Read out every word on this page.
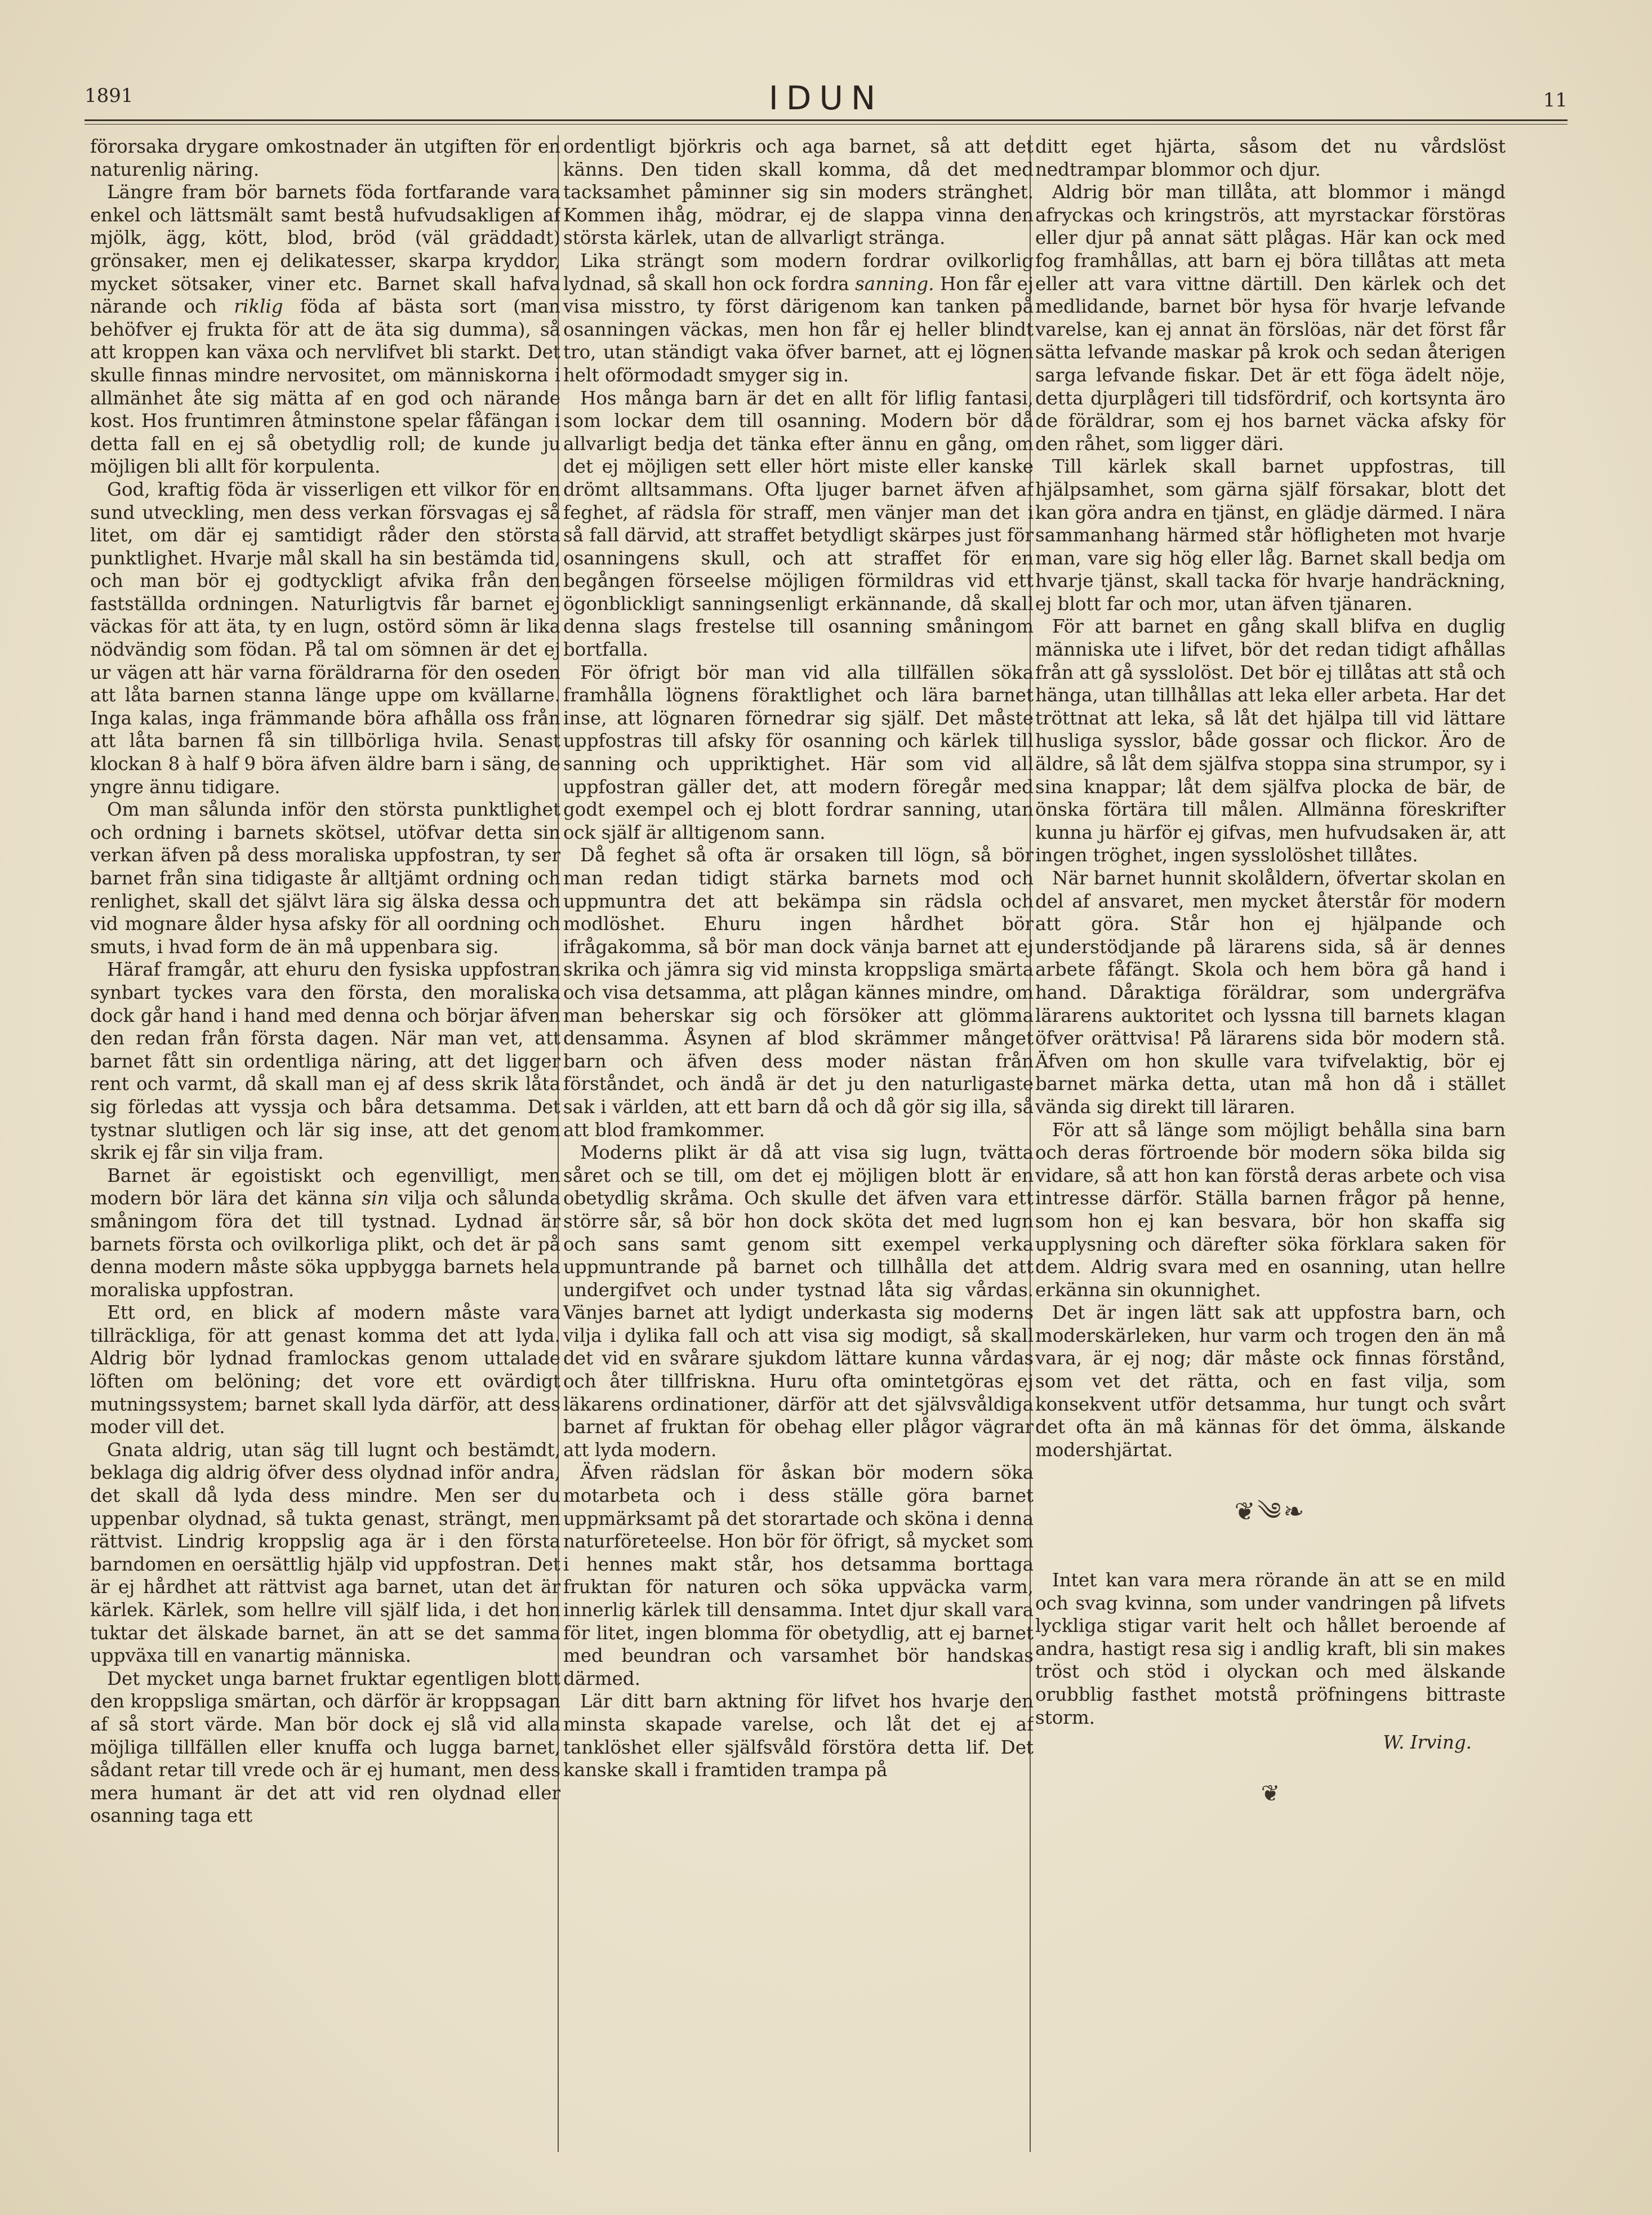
1891	IDUN	11

förorsaka drygare omkostnader än utgiften för en naturenlig näring.

Längre fram bör barnets föda fortfarande vara enkel och lättsmält samt bestå hufvudsakligen af mjölk, ägg, kött, blod, bröd (väl gräddadt) grönsaker, men ej delikatesser, skarpa kryddor, mycket sötsaker, viner etc. Barnet skall hafva närande och riklig föda af bästa sort (man behöfver ej frukta för att de äta sig dumma), så att kroppen kan växa och nervlifvet bli starkt. Det skulle finnas mindre nervositet, om människorna i allmänhet åte sig mätta af en god och närande kost. Hos fruntimren åtminstone spelar fåfängan i detta fall en ej så obetydlig roll; de kunde ju möjligen bli allt för korpulenta.

God, kraftig föda är visserligen ett vilkor för en sund utveckling, men dess verkan försvagas ej så litet, om där ej samtidigt råder den största punktlighet. Hvarje mål skall ha sin bestämda tid, och man bör ej godtyckligt afvika från den fastställda ordningen. Naturligtvis får barnet ej väckas för att äta, ty en lugn, ostörd sömn är lika nödvändig som födan. På tal om sömnen är det ej ur vägen att här varna föräldrarna för den oseden att låta barnen stanna länge uppe om kvällarne. Inga kalas, inga främmande böra afhålla oss från att låta barnen få sin tillbörliga hvila. Senast klockan 8 à half 9 böra äfven äldre barn i säng, de yngre ännu tidigare.

Om man sålunda inför den största punktlighet och ordning i barnets skötsel, utöfvar detta sin verkan äfven på dess moraliska uppfostran, ty ser barnet från sina tidigaste år alltjämt ordning och renlighet, skall det självt lära sig älska dessa och vid mognare ålder hysa afsky för all oordning och smuts, i hvad form de än må uppenbara sig.

Häraf framgår, att ehuru den fysiska uppfostran synbart tyckes vara den första, den moraliska dock går hand i hand med denna och börjar äfven den redan från första dagen. När man vet, att barnet fått sin ordentliga näring, att det ligger rent och varmt, då skall man ej af dess skrik låta sig förledas att vyssja och båra detsamma. Det tystnar slutligen och lär sig inse, att det genom skrik ej får sin vilja fram.

Barnet är egoistiskt och egenvilligt, men modern bör lära det känna sin vilja och sålunda småningom föra det till tystnad. Lydnad är barnets första och ovilkorliga plikt, och det är på denna modern måste söka uppbygga barnets hela moraliska uppfostran.

Ett ord, en blick af modern måste vara tillräckliga, för att genast komma det att lyda. Aldrig bör lydnad framlockas genom uttalade löften om belöning; det vore ett ovärdigt mutningssystem; barnet skall lyda därför, att dess moder vill det.

Gnata aldrig, utan säg till lugnt och bestämdt, beklaga dig aldrig öfver dess olydnad inför andra, det skall då lyda dess mindre. Men ser du uppenbar olydnad, så tukta genast, strängt, men rättvist. Lindrig kroppslig aga är i den första barndomen en oersättlig hjälp vid uppfostran. Det är ej hårdhet att rättvist aga barnet, utan det är kärlek. Kärlek, som hellre vill själf lida, i det hon tuktar det älskade barnet, än att se det samma uppväxa till en vanartig människa.

Det mycket unga barnet fruktar egentligen blott den kroppsliga smärtan, och därför är kroppsagan af så stort värde. Man bör dock ej slå vid alla möjliga tillfällen eller knuffa och lugga barnet, sådant retar till vrede och är ej humant, men dess mera humant är det att vid ren olydnad eller osanning taga ett

ordentligt björkris och aga barnet, så att det känns. Den tiden skall komma, då det med tacksamhet påminner sig sin moders stränghet. Kommen ihåg, mödrar, ej de slappa vinna den största kärlek, utan de allvarligt stränga.

Lika strängt som modern fordrar ovilkorlig lydnad, så skall hon ock fordra sanning. Hon får ej visa misstro, ty först därigenom kan tanken på osanningen väckas, men hon får ej heller blindt tro, utan ständigt vaka öfver barnet, att ej lögnen helt oförmodadt smyger sig in.

Hos många barn är det en allt för liflig fantasi, som lockar dem till osanning. Modern bör då allvarligt bedja det tänka efter ännu en gång, om det ej möjligen sett eller hört miste eller kanske drömt alltsammans. Ofta ljuger barnet äfven af feghet, af rädsla för straff, men vänjer man det i så fall därvid, att straffet betydligt skärpes just för osanningens skull, och att straffet för en begången förseelse möjligen förmildras vid ett ögonblickligt sanningsenligt erkännande, då skall denna slags frestelse till osanning småningom bortfalla.

För öfrigt bör man vid alla tillfällen söka framhålla lögnens föraktlighet och lära barnet inse, att lögnaren förnedrar sig själf. Det måste uppfostras till afsky för osanning och kärlek till sanning och uppriktighet. Här som vid all uppfostran gäller det, att modern föregår med godt exempel och ej blott fordrar sanning, utan ock själf är alltigenom sann.

Då feghet så ofta är orsaken till lögn, så bör man redan tidigt stärka barnets mod och uppmuntra det att bekämpa sin rädsla och modlöshet. Ehuru ingen hårdhet bör ifrågakomma, så bör man dock vänja barnet att ej skrika och jämra sig vid minsta kroppsliga smärta och visa detsamma, att plågan kännes mindre, om man beherskar sig och försöker att glömma densamma. Åsynen af blod skrämmer månget barn och äfven dess moder nästan från förståndet, och ändå är det ju den naturligaste sak i världen, att ett barn då och då gör sig illa, så att blod framkommer.

Moderns plikt är då att visa sig lugn, tvätta såret och se till, om det ej möjligen blott är en obetydlig skråma. Och skulle det äfven vara ett större sår, så bör hon dock sköta det med lugn och sans samt genom sitt exempel verka uppmuntrande på barnet och tillhålla det att undergifvet och under tystnad låta sig vårdas. Vänjes barnet att lydigt underkasta sig moderns vilja i dylika fall och att visa sig modigt, så skall det vid en svårare sjukdom lättare kunna vårdas och åter tillfriskna. Huru ofta omintetgöras ej läkarens ordinationer, därför att det självsvåldiga barnet af fruktan för obehag eller plågor vägrar att lyda modern.

Äfven rädslan för åskan bör modern söka motarbeta och i dess ställe göra barnet uppmärksamt på det storartade och sköna i denna naturföreteelse. Hon bör för öfrigt, så mycket som i hennes makt står, hos detsamma borttaga fruktan för naturen och söka uppväcka varm, innerlig kärlek till densamma. Intet djur skall vara för litet, ingen blomma för obetydlig, att ej barnet med beundran och varsamhet bör handskas därmed.

Lär ditt barn aktning för lifvet hos hvarje den minsta skapade varelse, och låt det ej af tanklöshet eller själfsvåld förstöra detta lif. Det kanske skall i framtiden trampa på

ditt eget hjärta, såsom det nu vårdslöst nedtrampar blommor och djur.

Aldrig bör man tillåta, att blommor i mängd afryckas och kringströs, att myrstackar förstöras eller djur på annat sätt plågas. Här kan ock med fog framhållas, att barn ej böra tillåtas att meta eller att vara vittne därtill. Den kärlek och det medlidande, barnet bör hysa för hvarje lefvande varelse, kan ej annat än förslöas, när det först får sätta lefvande maskar på krok och sedan återigen sarga lefvande fiskar. Det är ett föga ädelt nöje, detta djurplågeri till tidsfördrif, och kortsynta äro de föräldrar, som ej hos barnet väcka afsky för den råhet, som ligger däri.

Till kärlek skall barnet uppfostras, till hjälpsamhet, som gärna själf försakar, blott det kan göra andra en tjänst, en glädje därmed. I nära sammanhang härmed står höfligheten mot hvarje man, vare sig hög eller låg. Barnet skall bedja om hvarje tjänst, skall tacka för hvarje handräckning, ej blott far och mor, utan äfven tjänaren.

För att barnet en gång skall blifva en duglig människa ute i lifvet, bör det redan tidigt afhållas från att gå sysslolöst. Det bör ej tillåtas att stå och hänga, utan tillhållas att leka eller arbeta. Har det tröttnat att leka, så låt det hjälpa till vid lättare husliga sysslor, både gossar och flickor. Äro de äldre, så låt dem själfva stoppa sina strumpor, sy i sina knappar; låt dem själfva plocka de bär, de önska förtära till målen. Allmänna föreskrifter kunna ju härför ej gifvas, men hufvudsaken är, att ingen tröghet, ingen sysslolöshet tillåtes.

När barnet hunnit skolåldern, öfvertar skolan en del af ansvaret, men mycket återstår för modern att göra. Står hon ej hjälpande och understödjande på lärarens sida, så är dennes arbete fåfängt. Skola och hem böra gå hand i hand. Dåraktiga föräldrar, som undergräfva lärarens auktoritet och lyssna till barnets klagan öfver orättvisa! På lärarens sida bör modern stå. Äfven om hon skulle vara tvifvelaktig, bör ej barnet märka detta, utan må hon då i stället vända sig direkt till läraren.

För att så länge som möjligt behålla sina barn och deras förtroende bör modern söka bilda sig vidare, så att hon kan förstå deras arbete och visa intresse därför. Ställa barnen frågor på henne, som hon ej kan besvara, bör hon skaffa sig upplysning och därefter söka förklara saken för dem. Aldrig svara med en osanning, utan hellre erkänna sin okunnighet.

Det är ingen lätt sak att uppfostra barn, och moderskärleken, hur varm och trogen den än må vara, är ej nog; där måste ock finnas förstånd, som vet det rätta, och en fast vilja, som konsekvent utför detsamma, hur tungt och svårt det ofta än må kännas för det ömma, älskande modershjärtat.

❦༄❧

Intet kan vara mera rörande än att se en mild och svag kvinna, som under vandringen på lifvets lyckliga stigar varit helt och hållet beroende af andra, hastigt resa sig i andlig kraft, bli sin makes tröst och stöd i olyckan och med älskande orubblig fasthet motstå pröfningens bittraste storm.

W. Irving.
❦
